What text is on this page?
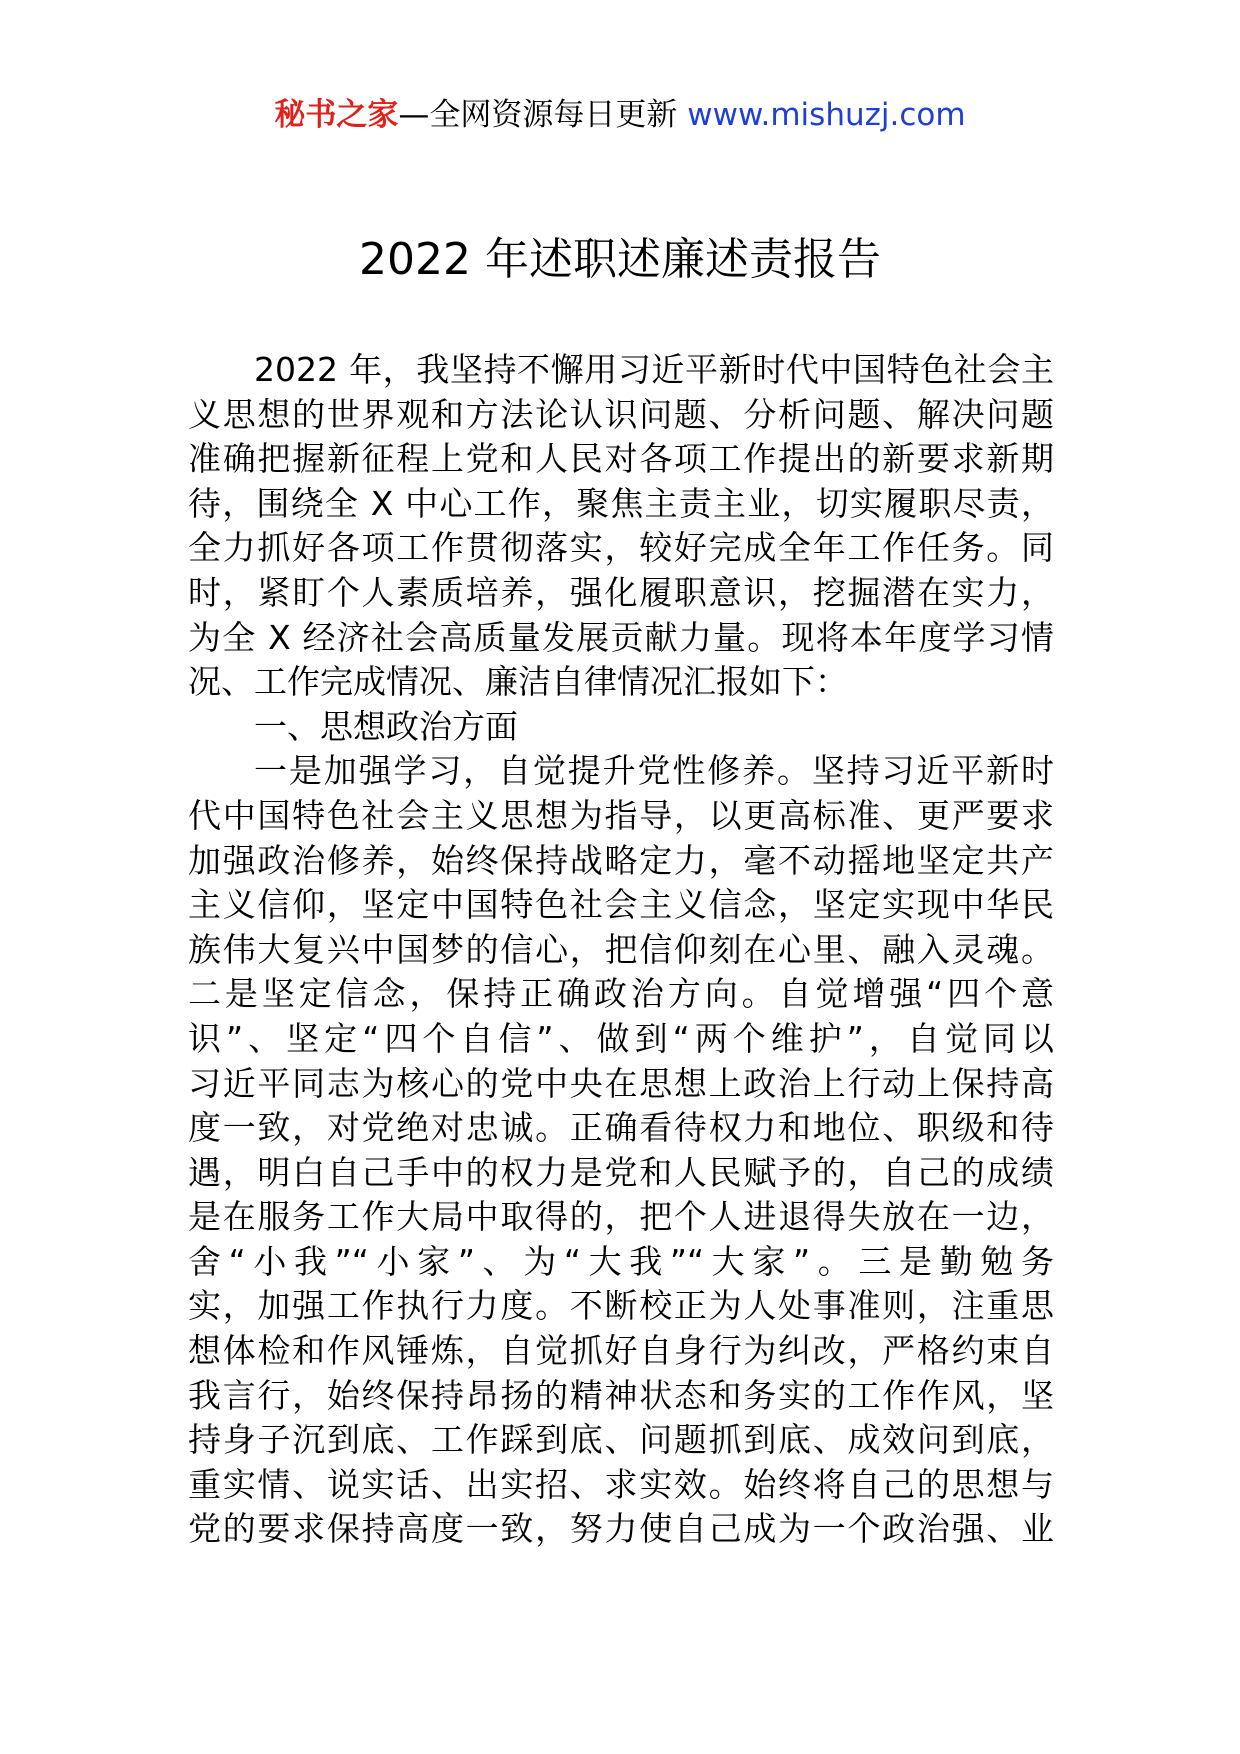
秘书之家—全网资源每日更新 www.mishuzj.com
2022 年述职述廉述责报告
2022 年，我坚持不懈用习近平新时代中国特色社会主
义思想的世界观和方法论认识问题、分析问题、解决问题
准确把握新征程上党和人民对各项工作提出的新要求新期
待，围绕全 X 中心工作，聚焦主责主业，切实履职尽责，
全力抓好各项工作贯彻落实，较好完成全年工作任务。同
时，紧盯个人素质培养，强化履职意识，挖掘潜在实力，
为全 X 经济社会高质量发展贡献力量。现将本年度学习情
况、工作完成情况、廉洁自律情况汇报如下：
一、思想政治方面
一是加强学习，自觉提升党性修养。坚持习近平新时
代中国特色社会主义思想为指导，以更高标准、更严要求
加强政治修养，始终保持战略定力，毫不动摇地坚定共产
主义信仰，坚定中国特色社会主义信念，坚定实现中华民
族伟大复兴中国梦的信心，把信仰刻在心里、融入灵魂。
二是坚定信念，保持正确政治方向。自觉增强“四个意
识”、坚定“四个自信”、做到“两个维护”，自觉同以
习近平同志为核心的党中央在思想上政治上行动上保持高
度一致，对党绝对忠诚。正确看待权力和地位、职级和待
遇，明白自己手中的权力是党和人民赋予的，自己的成绩
是在服务工作大局中取得的，把个人进退得失放在一边，
舍“小我”“小家”、为“大我”“大家”。三是勤勉务
实，加强工作执行力度。不断校正为人处事准则，注重思
想体检和作风锤炼，自觉抓好自身行为纠改，严格约束自
我言行，始终保持昂扬的精神状态和务实的工作作风，坚
持身子沉到底、工作踩到底、问题抓到底、成效问到底，
重实情、说实话、出实招、求实效。始终将自己的思想与
党的要求保持高度一致，努力使自己成为一个政治强、业
